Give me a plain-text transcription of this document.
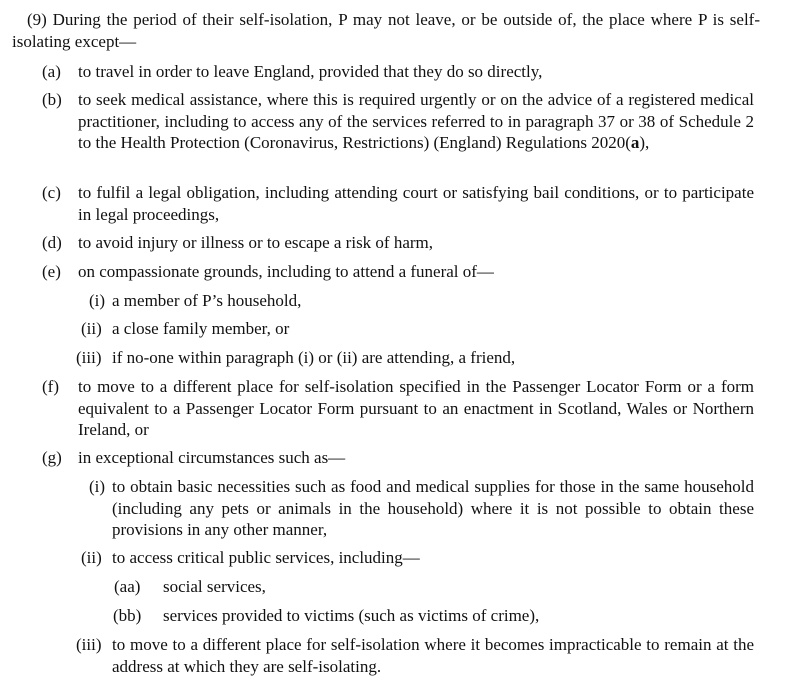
(9) During the period of their self-isolation, P may not leave, or be outside of, the place where P is self-isolating except—

(a) to travel in order to leave England, provided that they do so directly,
(b) to seek medical assistance, where this is required urgently or on the advice of a registered medical practitioner, including to access any of the services referred to in paragraph 37 or 38 of Schedule 2 to the Health Protection (Coronavirus, Restrictions) (England) Regulations 2020(a),
(c) to fulfil a legal obligation, including attending court or satisfying bail conditions, or to participate in legal proceedings,
(d) to avoid injury or illness or to escape a risk of harm,
(e) on compassionate grounds, including to attend a funeral of—
(i) a member of P’s household,
(ii) a close family member, or
(iii) if no-one within paragraph (i) or (ii) are attending, a friend,
(f) to move to a different place for self-isolation specified in the Passenger Locator Form or a form equivalent to a Passenger Locator Form pursuant to an enactment in Scotland, Wales or Northern Ireland, or
(g) in exceptional circumstances such as—
(i) to obtain basic necessities such as food and medical supplies for those in the same household (including any pets or animals in the household) where it is not possible to obtain these provisions in any other manner,
(ii) to access critical public services, including—
(aa) social services,
(bb) services provided to victims (such as victims of crime),
(iii) to move to a different place for self-isolation where it becomes impracticable to remain at the address at which they are self-isolating.
